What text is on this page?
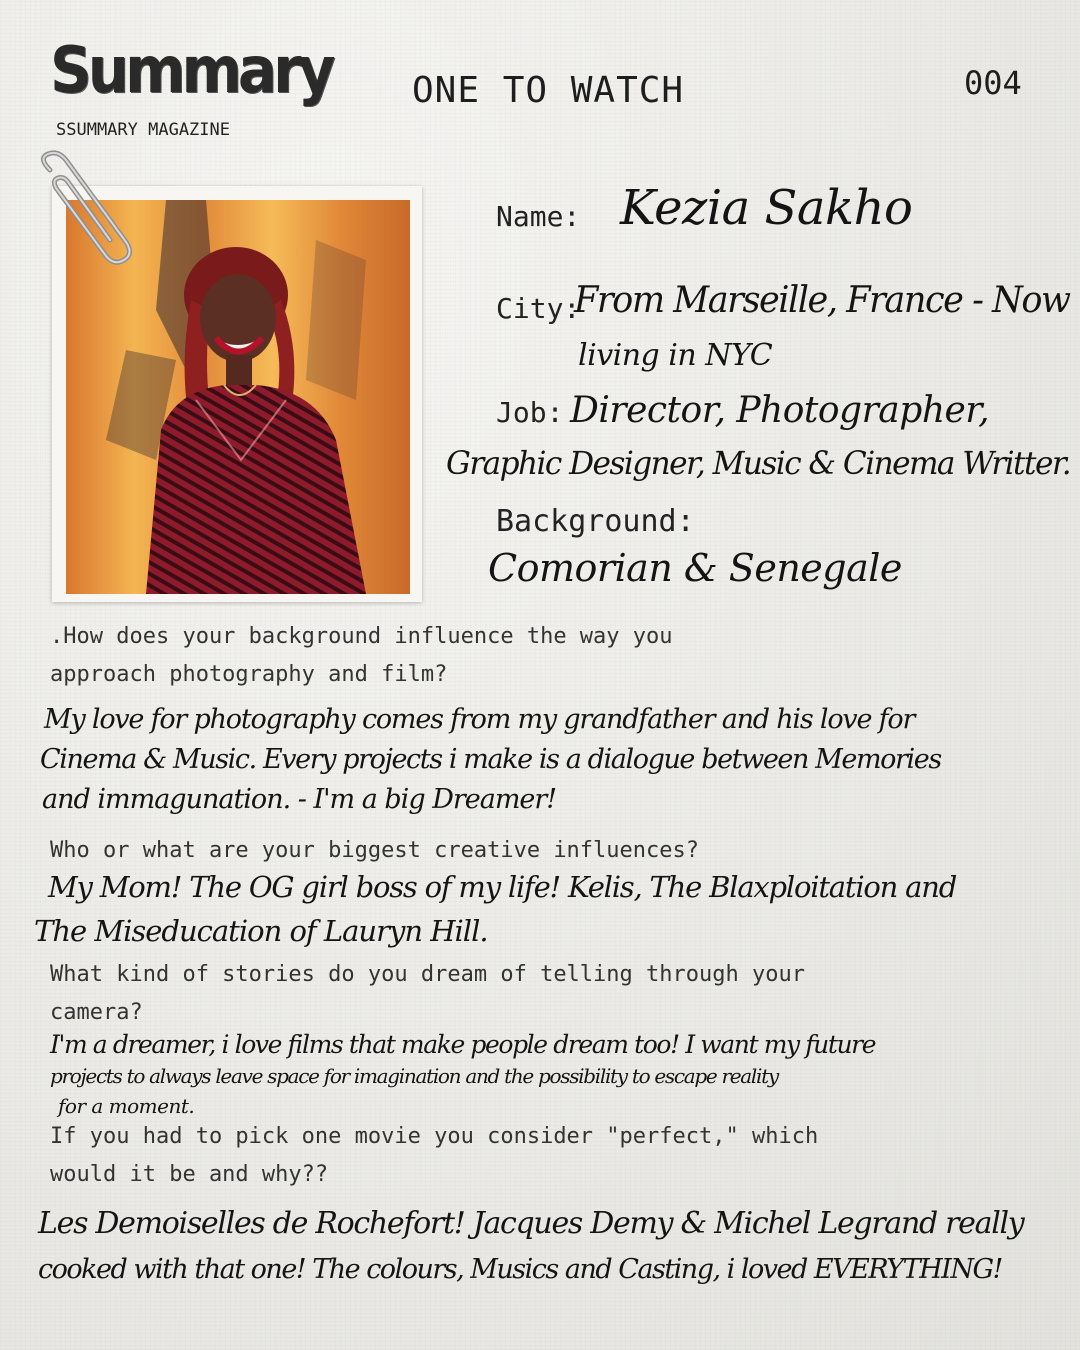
Summary
SSUMMARY MAGAZINE
ONE TO WATCH	004
Name: Kezia Sakho
City:
From Marseille, France - Now
living in NYC
Job: Director, Photographer,
Graphic Designer, Music & Cinema Writter.
Background:
Comorian & Senegale
.How does your background influence the way you
approach photography and film?
My love for photography comes from my grandfather and his love for
Cinema & Music. Every projects i make is a dialogue between Memories
and immagunation. - I'm a big Dreamer!
Who or what are your biggest creative influences?
My Mom! The OG girl boss of my life! Kelis, The Blaxploitation and
The Miseducation of Lauryn Hill.
What kind of stories do you dream of telling through your
camera?
I'm a dreamer, i love films that make people dream too! I want my future
projects to always leave space for imagination and the possibility to escape reality
for a moment.
If you had to pick one movie you consider "perfect," which
would it be and why??
Les Demoiselles de Rochefort! Jacques Demy & Michel Legrand really
cooked with that one! The colours, Musics and Casting, i loved EVERYTHING!
